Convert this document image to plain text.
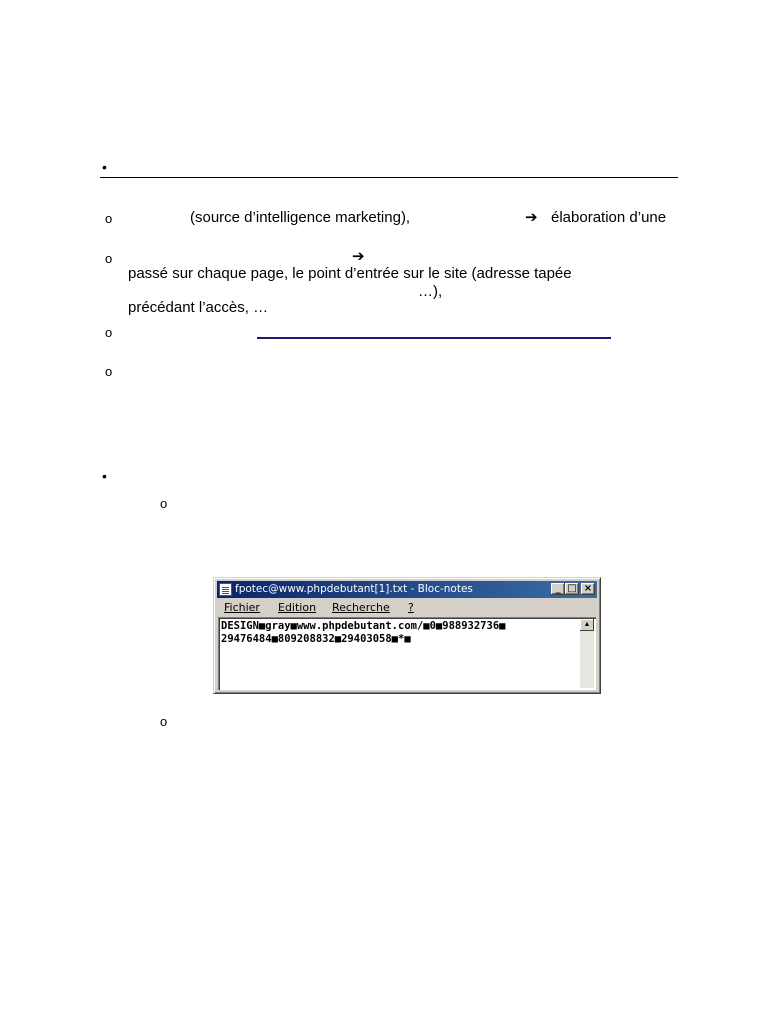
•
o	(source d’intelligence marketing),	➔ élaboration d’une
o	➔
passé sur chaque page, le point d’entrée sur le site (adresse tapée
…),
précédant l’accès, …
o
o
•
o
fpotec@www.phpdebutant[1].txt - Bloc-notes	_ □ ×
Fichier Edition Recherche ?
DESIGN■gray■www.phpdebutant.com/■0■988932736■
29476484■809208832■29403058■*■
▲
o
